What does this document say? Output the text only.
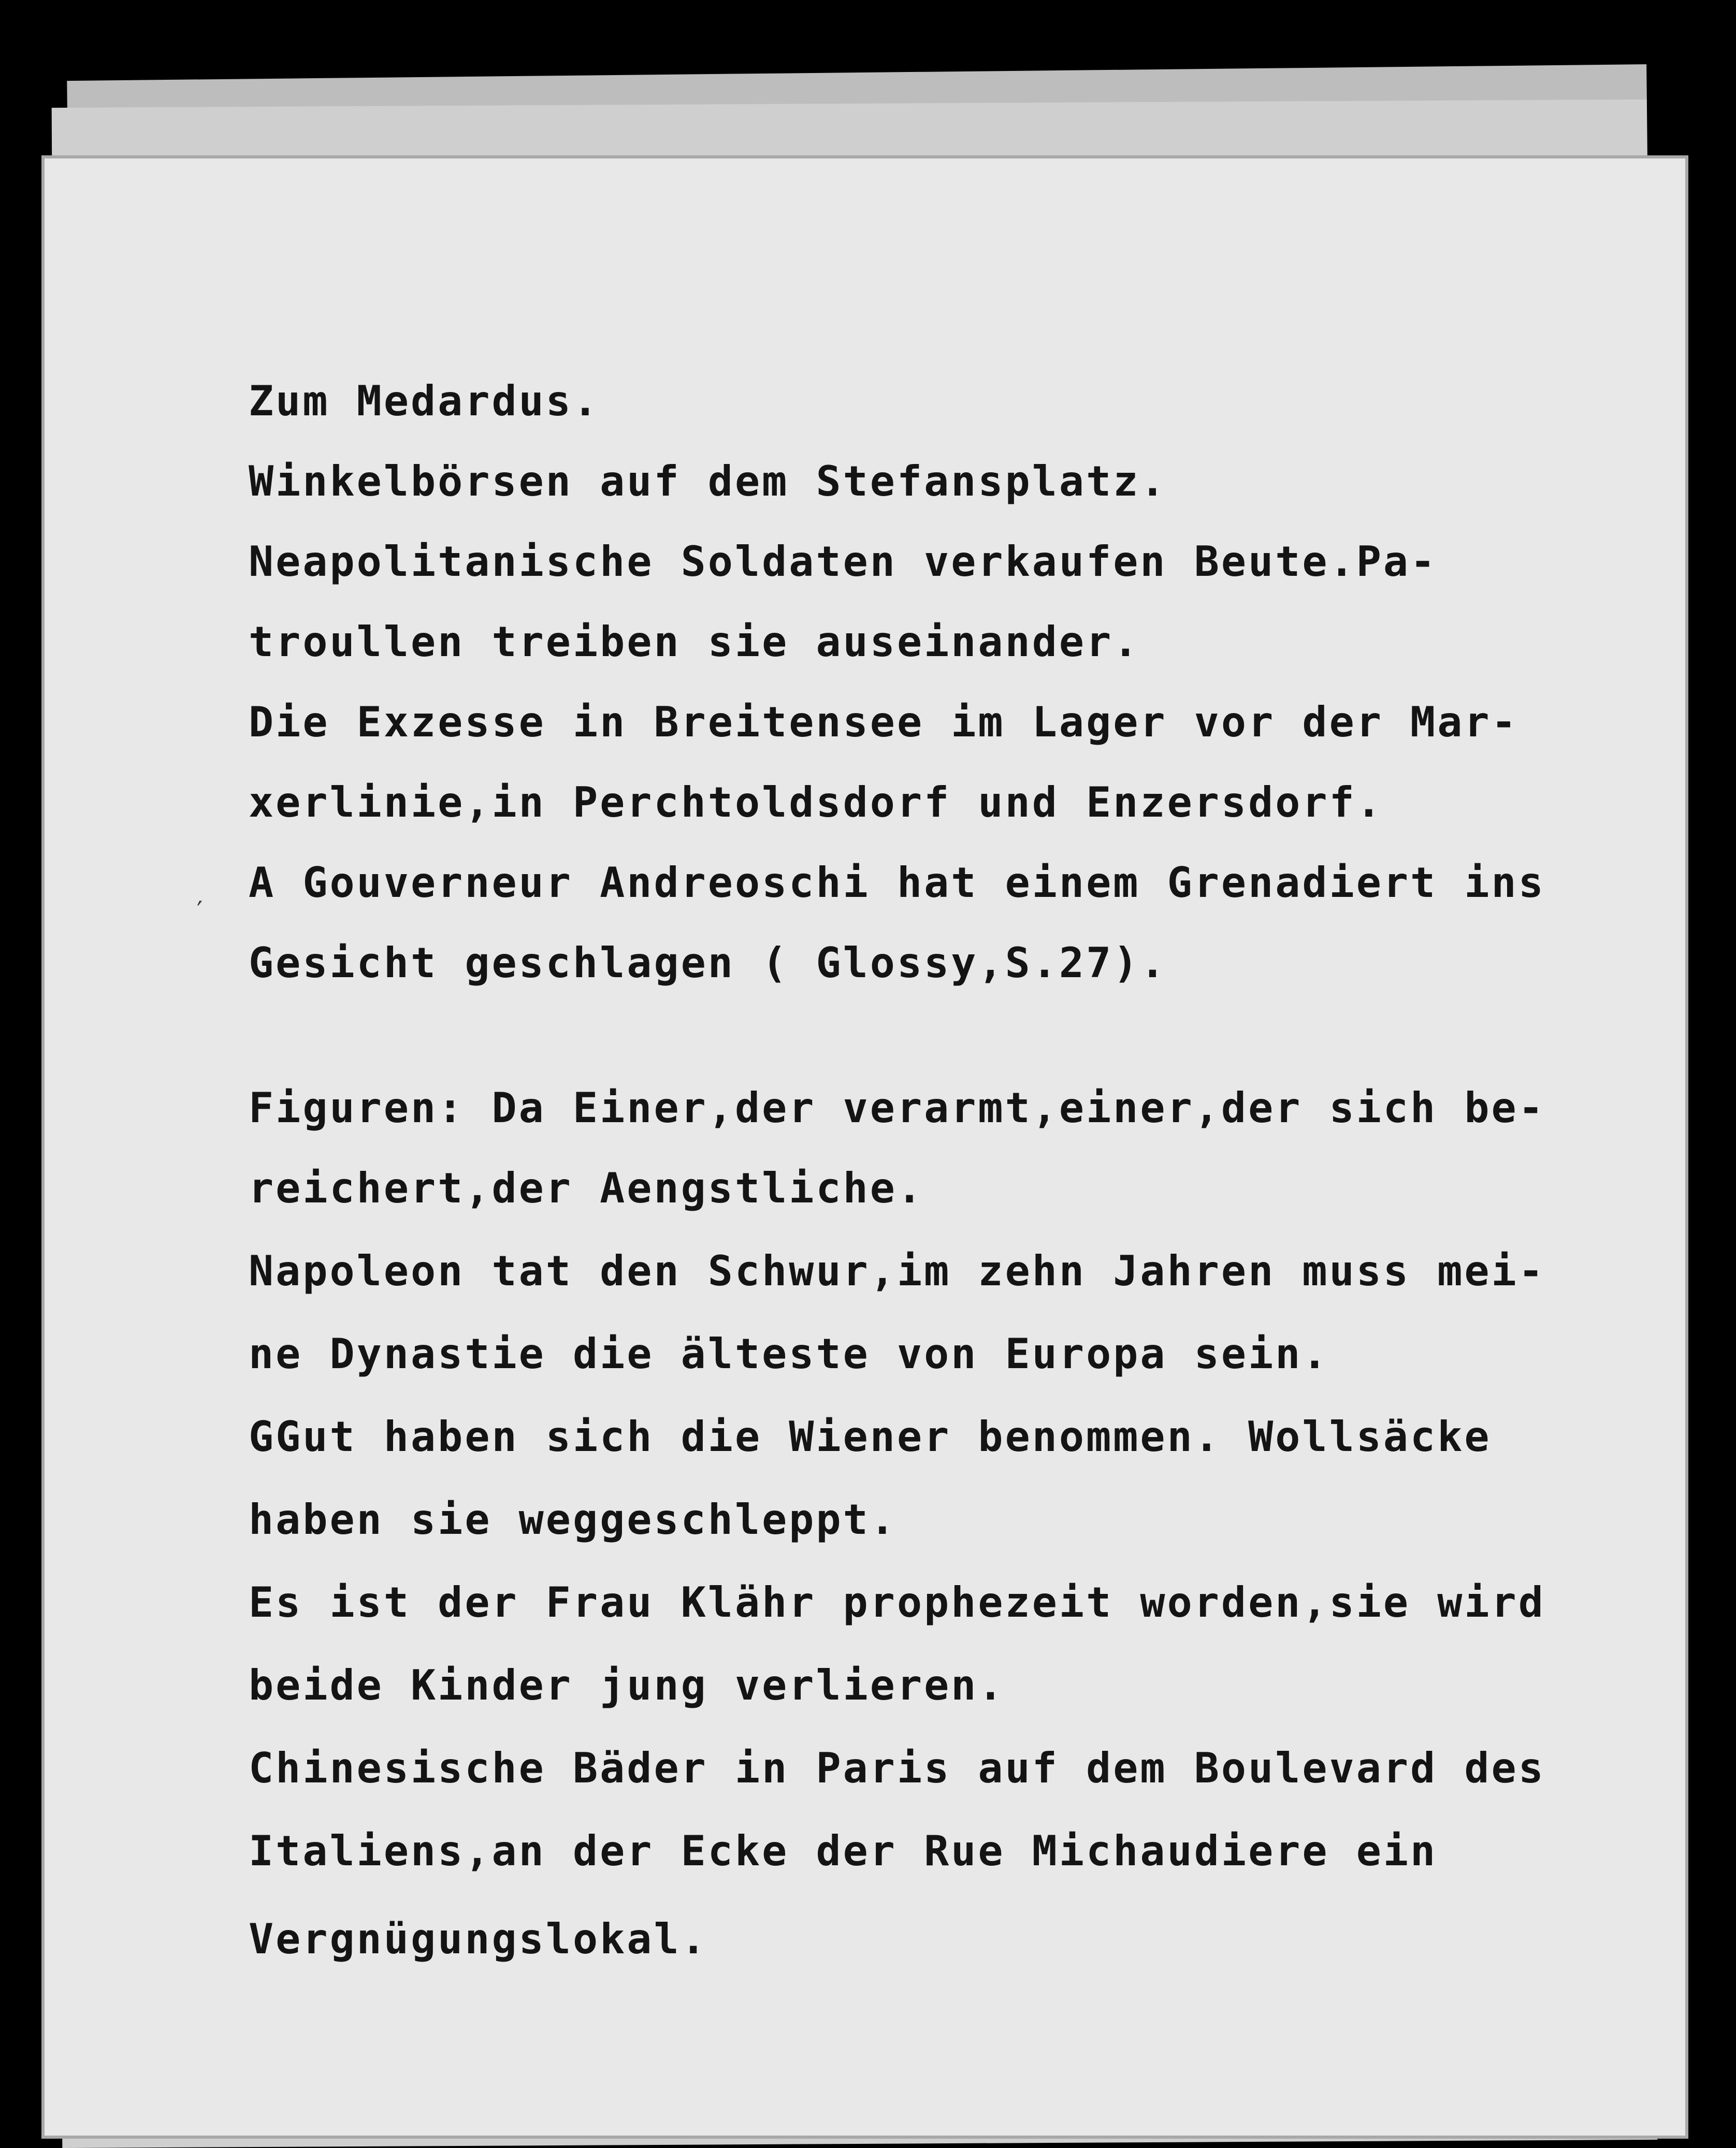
Zum Medardus.
Winkelbörsen auf dem Stefansplatz.
Neapolitanische Soldaten verkaufen Beute.Pa-
troullen treiben sie auseinander.
Die Exzesse in Breitensee im Lager vor der Mar-
xerlinie,in Perchtoldsdorf und Enzersdorf.
A Gouverneur Andreoschi hat einem Grenadiert ins
Gesicht geschlagen ( Glossy,S.27).
Figuren: Da Einer,der verarmt,einer,der sich be-
reichert,der Aengstliche.
Napoleon tat den Schwur,im zehn Jahren muss mei-
ne Dynastie die älteste von Europa sein.
GGut haben sich die Wiener benommen. Wollsäcke
haben sie weggeschleppt.
Es ist der Frau Klähr prophezeit worden,sie wird
beide Kinder jung verlieren.
Chinesische Bäder in Paris auf dem Boulevard des
Italiens,an der Ecke der Rue Michaudiere ein
Vergnügungslokal.
′
